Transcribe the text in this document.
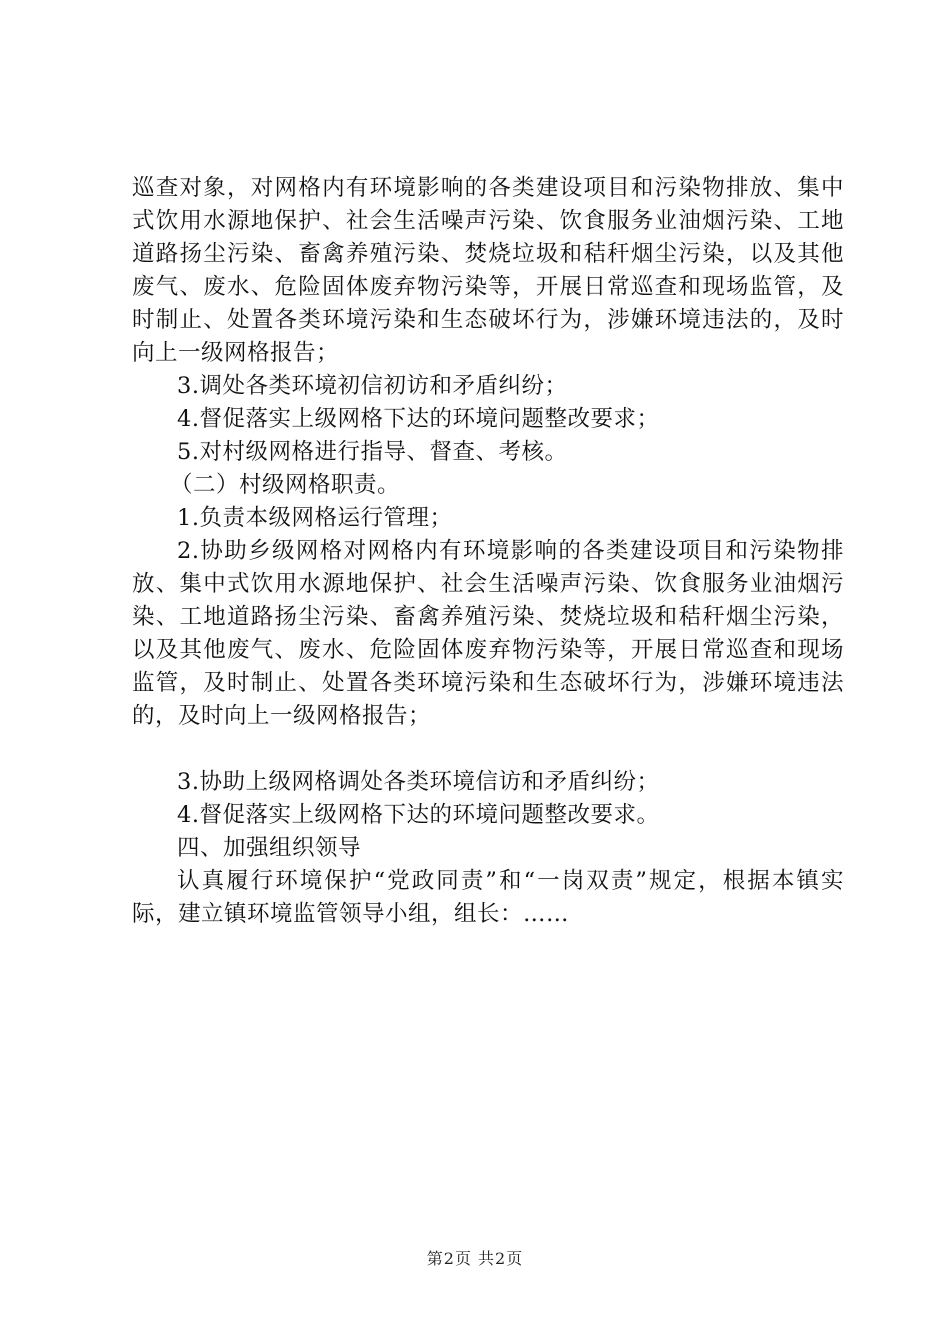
巡查对象，对网格内有环境影响的各类建设项目和污染物排放、集中式饮用水源地保护、社会生活噪声污染、饮食服务业油烟污染、工地道路扬尘污染、畜禽养殖污染、焚烧垃圾和秸秆烟尘污染，以及其他废气、废水、危险固体废弃物污染等，开展日常巡查和现场监管，及时制止、处置各类环境污染和生态破坏行为，涉嫌环境违法的，及时向上一级网格报告；

3.调处各类环境初信初访和矛盾纠纷；

4.督促落实上级网格下达的环境问题整改要求；

5.对村级网格进行指导、督查、考核。

（二）村级网格职责。

1.负责本级网格运行管理；

2.协助乡级网格对网格内有环境影响的各类建设项目和污染物排放、集中式饮用水源地保护、社会生活噪声污染、饮食服务业油烟污染、工地道路扬尘污染、畜禽养殖污染、焚烧垃圾和秸秆烟尘污染，以及其他废气、废水、危险固体废弃物污染等，开展日常巡查和现场监管，及时制止、处置各类环境污染和生态破坏行为，涉嫌环境违法的，及时向上一级网格报告；

3.协助上级网格调处各类环境信访和矛盾纠纷；

4.督促落实上级网格下达的环境问题整改要求。

四、加强组织领导

认真履行环境保护“党政同责”和“一岗双责”规定，根据本镇实际，建立镇环境监管领导小组，组长：……

第2页 共2页
